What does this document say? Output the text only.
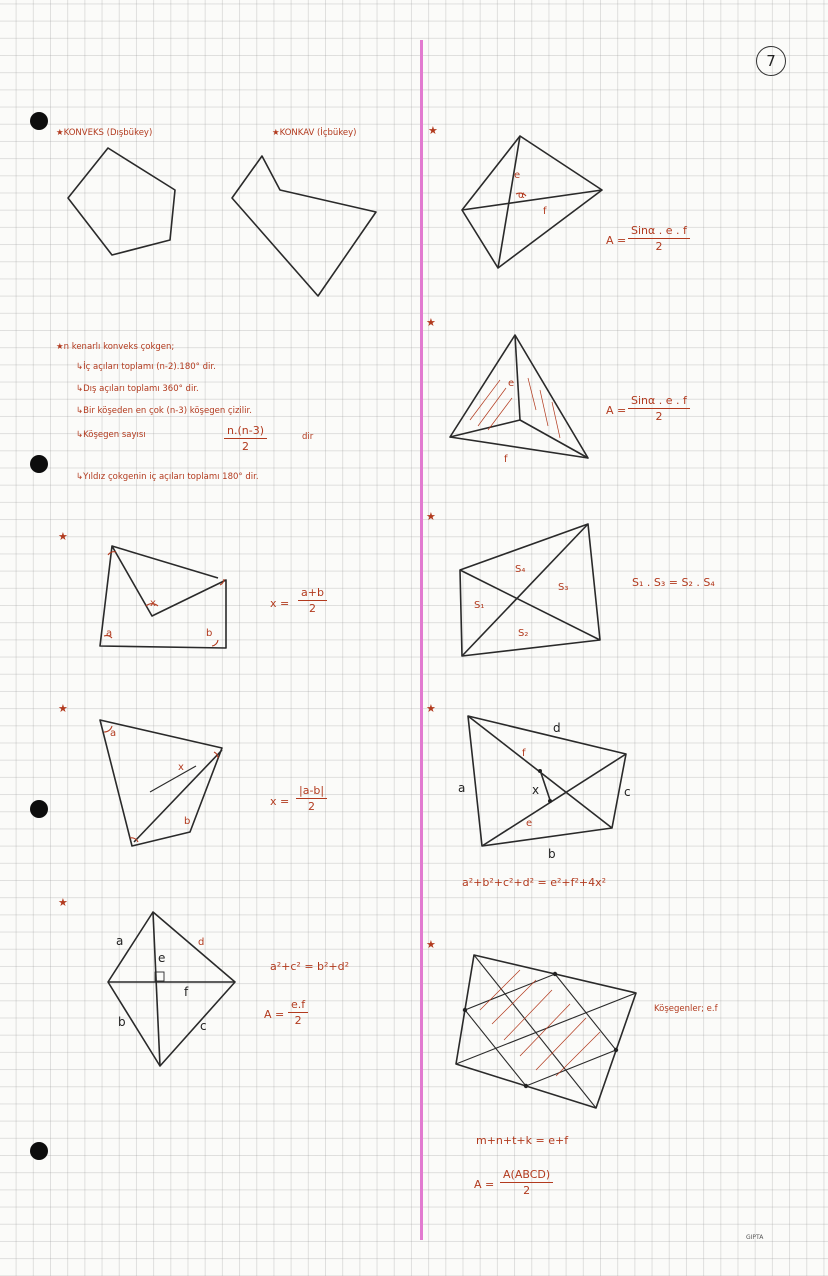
7
x
a	b
a
b
x
a	d
b	c
e
f
e
f
α
e
f
S₄
S₃
S₁
S₂
a
d
c
b
x
f
e
★KONVEKS (Dışbükey)	★KONKAV (İçbükey)
★n kenarlı konveks çokgen;
↳İç açıları toplamı (n-2).180° dir.
↳Dış açıları toplamı 360° dir.
↳Bir köşeden en çok (n-3) köşegen çizilir.
↳Köşegen sayısı	$\frac{n.(n-3)}{2}$	dir
↳Yıldız çokgenin iç açıları toplamı 180° dir.
★
$x = \frac{a+b}{2}$
★
$x = \frac{|a-b|}{2}$
★
a²+c² = b²+d²
$A = \frac{e.f}{2}$
★
A =
Sinα . e . f
2
★
A =
Sinα . e . f
2
★
S₁ . S₃ = S₂ . S₄
★
a²+b²+c²+d² = e²+f²+4x²
★
Köşegenler; e.f
m+n+t+k = e+f
A =
A(ABCD)
2
GIPTA
